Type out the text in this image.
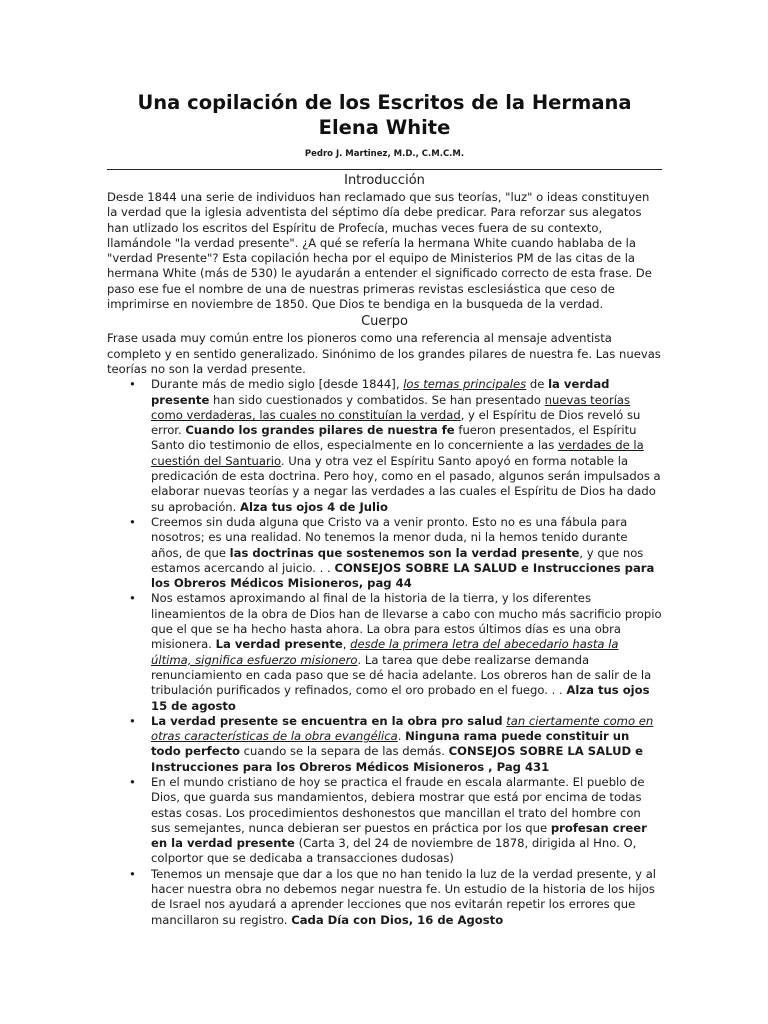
Una copilación de los Escritos de la Hermana Elena White
Pedro J. Martinez, M.D., C.M.C.M.
Introducción

Desde 1844 una serie de individuos han reclamado que sus teorías, "luz" o ideas constituyen la verdad que la iglesia adventista del séptimo día debe predicar. Para reforzar sus alegatos han utlizado los escritos del Espíritu de Profecía, muchas veces fuera de su contexto, llamándole "la verdad presente". ¿A qué se refería la hermana White cuando hablaba de la "verdad Presente"? Esta copilación hecha por el equipo de Ministerios PM de las citas de la hermana White (más de 530) le ayudarán a entender el significado correcto de esta frase. De paso ese fue el nombre de una de nuestras primeras revistas esclesiástica que ceso de imprimirse en noviembre de 1850. Que Dios te bendiga en la busqueda de la verdad.

Cuerpo

Frase usada muy común entre los pioneros como una referencia al mensaje adventista completo y en sentido generalizado. Sinónimo de los grandes pilares de nuestra fe. Las nuevas teorías no son la verdad presente.

• Durante más de medio siglo [desde 1844], los temas principales de la verdad presente han sido cuestionados y combatidos. Se han presentado nuevas teorías como verdaderas, las cuales no constituían la verdad, y el Espíritu de Dios reveló su error. Cuando los grandes pilares de nuestra fe fueron presentados, el Espíritu Santo dio testimonio de ellos, especialmente en lo concerniente a las verdades de la cuestión del Santuario. Una y otra vez el Espíritu Santo apoyó en forma notable la predicación de esta doctrina. Pero hoy, como en el pasado, algunos serán impulsados a elaborar nuevas teorías y a negar las verdades a las cuales el Espíritu de Dios ha dado su aprobación. Alza tus ojos 4 de Julio
• Creemos sin duda alguna que Cristo va a venir pronto. Esto no es una fábula para nosotros; es una realidad. No tenemos la menor duda, ni la hemos tenido durante años, de que las doctrinas que sostenemos son la verdad presente, y que nos estamos acercando al juicio. . . CONSEJOS SOBRE LA SALUD e Instrucciones para los Obreros Médicos Misioneros, pag 44
• Nos estamos aproximando al final de la historia de la tierra, y los diferentes lineamientos de la obra de Dios han de llevarse a cabo con mucho más sacrificio propio que el que se ha hecho hasta ahora. La obra para estos últimos días es una obra misionera. La verdad presente, desde la primera letra del abecedario hasta la última, significa esfuerzo misionero. La tarea que debe realizarse demanda renunciamiento en cada paso que se dé hacia adelante. Los obreros han de salir de la tribulación purificados y refinados, como el oro probado en el fuego. . . Alza tus ojos 15 de agosto
• La verdad presente se encuentra en la obra pro salud tan ciertamente como en otras características de la obra evangélica. Ninguna rama puede constituir un todo perfecto cuando se la separa de las demás. CONSEJOS SOBRE LA SALUD e Instrucciones para los Obreros Médicos Misioneros , Pag 431
• En el mundo cristiano de hoy se practica el fraude en escala alarmante. El pueblo de Dios, que guarda sus mandamientos, debiera mostrar que está por encima de todas estas cosas. Los procedimientos deshonestos que mancillan el trato del hombre con sus semejantes, nunca debieran ser puestos en práctica por los que profesan creer en la verdad presente (Carta 3, del 24 de noviembre de 1878, dirigida al Hno. O, colportor que se dedicaba a transacciones dudosas)
• Tenemos un mensaje que dar a los que no han tenido la luz de la verdad presente, y al hacer nuestra obra no debemos negar nuestra fe. Un estudio de la historia de los hijos de Israel nos ayudará a aprender lecciones que nos evitarán repetir los errores que mancillaron su registro. Cada Día con Dios, 16 de Agosto
